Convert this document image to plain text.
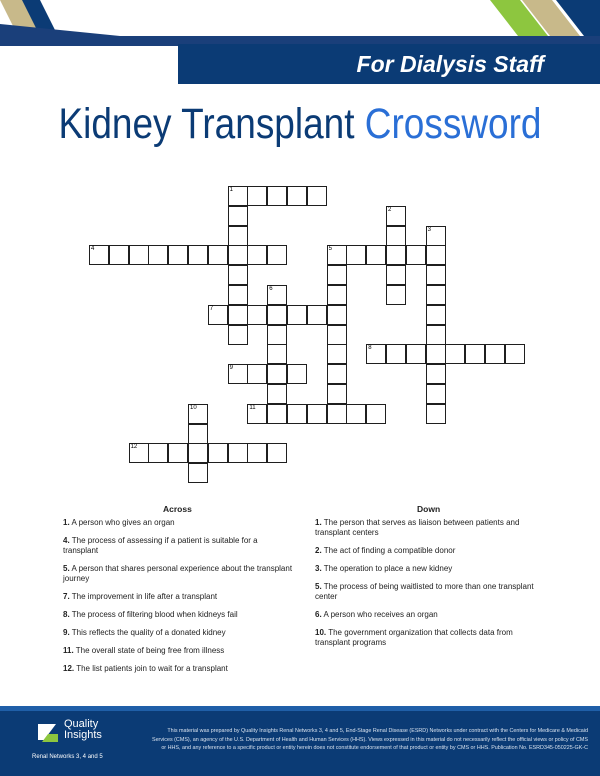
For Dialysis Staff
Kidney Transplant Crossword
1
2
3
4	5
6
7
8
9
10	11
12
Across	Down
1. A person who gives an organ
4. The process of assessing if a patient is suitable for a transplant
5. A person that shares personal experience about the transplant journey
7. The improvement in life after a transplant
8. The process of filtering blood when kidneys fail
9. This reflects the quality of a donated kidney
11. The overall state of being free from illness
12. The list patients join to wait for a transplant
1. The person that serves as liaison between patients and transplant centers
2. The act of finding a compatible donor
3. The operation to place a new kidney
5. The process of being waitlisted to more than one transplant center
6. A person who receives an organ
10. The government organization that collects data from transplant programs
Quality
Insights
Renal Networks 3, 4 and 5
This material was prepared by Quality Insights Renal Networks 3, 4 and 5, End-Stage Renal Disease (ESRD) Networks under contract with the Centers for Medicare & Medicaid Services (CMS), an agency of the U.S. Department of Health and Human Services (HHS). Views expressed in this material do not necessarily reflect the official views or policy of CMS or HHS, and any reference to a specific product or entity herein does not constitute endorsement of that product or entity by CMS or HHS. Publication No. ESRD345-050225-GK-C
